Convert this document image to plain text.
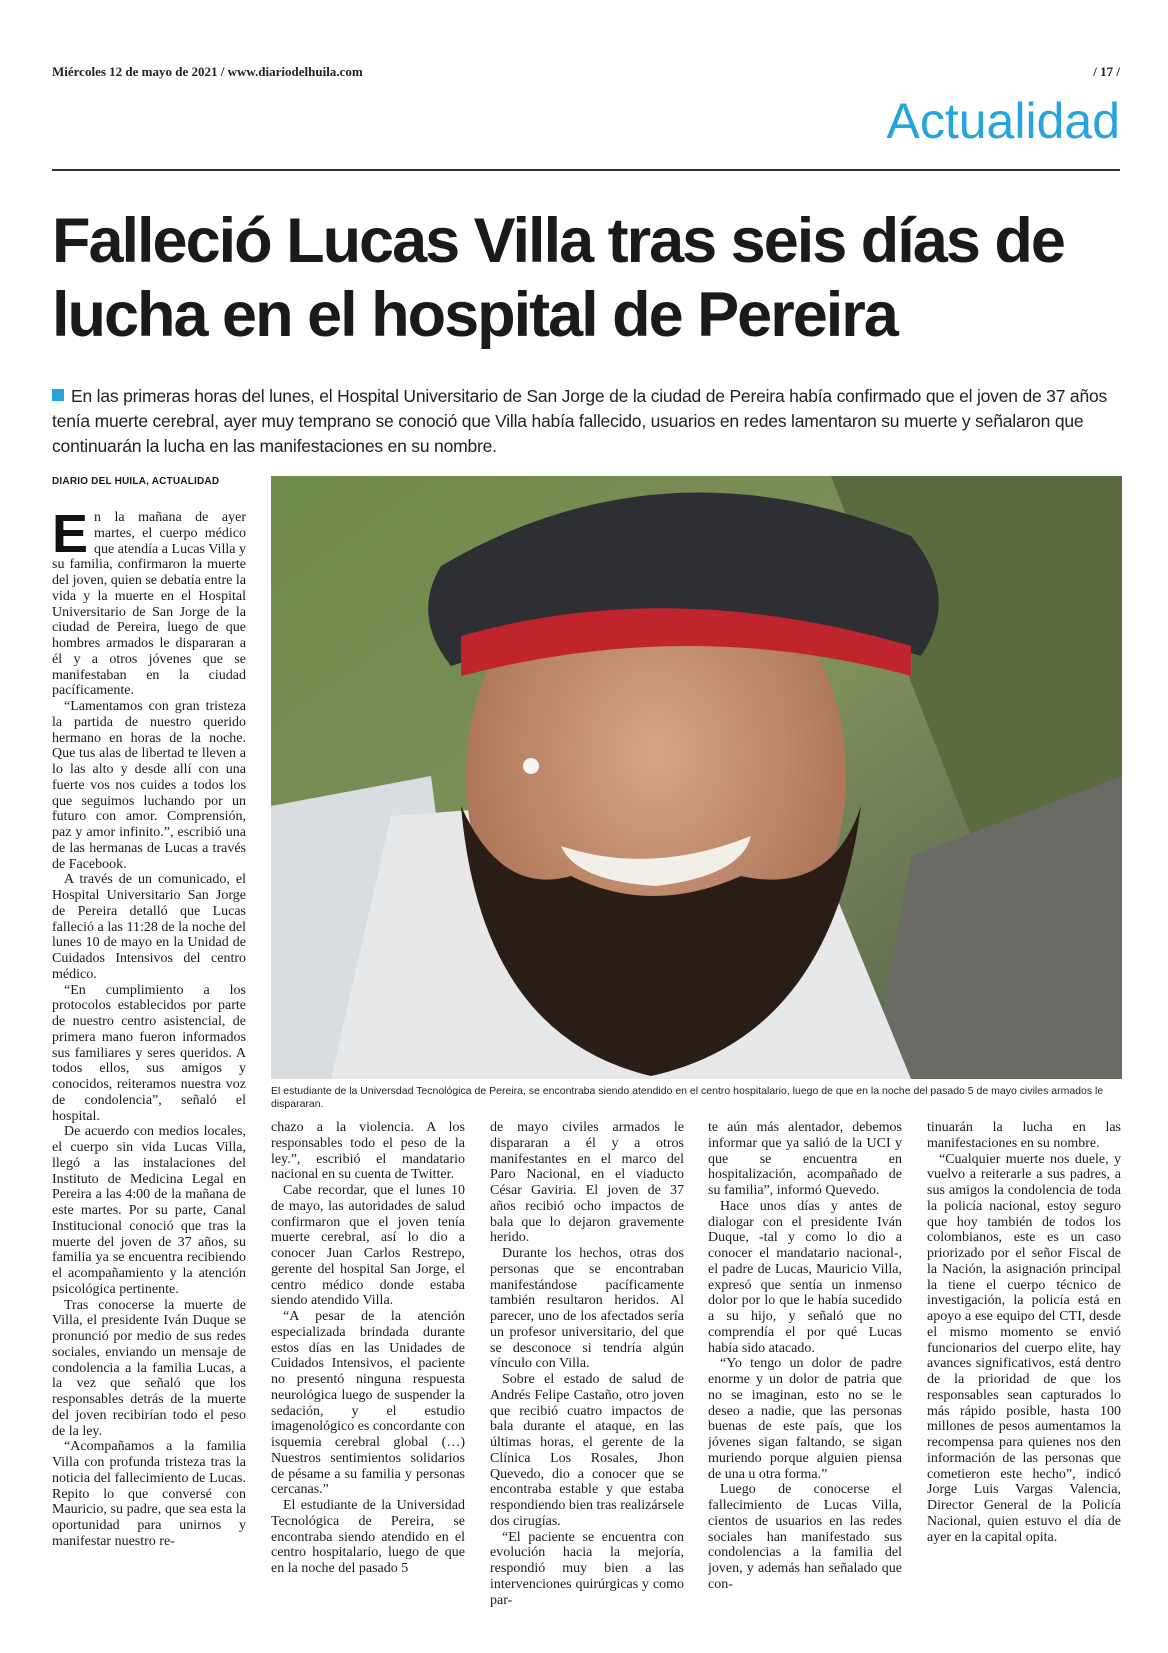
Miércoles 12 de mayo de 2021 / www.diariodelhuila.com	/ 17 /
Actualidad
Falleció Lucas Villa tras seis días de lucha en el hospital de Pereira
En las primeras horas del lunes, el Hospital Universitario de San Jorge de la ciudad de Pereira había confirmado que el joven de 37 años tenía muerte cerebral, ayer muy temprano se conoció que Villa había fallecido, usuarios en redes lamentaron su muerte y señalaron que continuarán la lucha en las manifestaciones en su nombre.
DIARIO DEL HUILA, ACTUALIDAD
El estudiante de la Universdad Tecnológica de Pereira, se encontraba siendo atendido en el centro hospitalario, luego de que en la noche del pasado 5 de mayo civiles armados le dispararan.
E n la mañana de ayer martes, el cuerpo médico que atendía a Lucas Villa y su familia, confirmaron la muerte del joven, quien se debatía entre la vida y la muerte en el Hospital Universitario de San Jorge de la ciudad de Pereira, luego de que hombres armados le dispararan a él y a otros jóvenes que se manifestaban en la ciudad pacíficamente.

“Lamentamos con gran tristeza la partida de nuestro querido hermano en horas de la noche. Que tus alas de libertad te lleven a lo las alto y desde allí con una fuerte vos nos cuides a todos los que seguimos luchando por un futuro con amor. Comprensión, paz y amor infinito.”, escribió una de las hermanas de Lucas a través de Facebook.

A través de un comunicado, el Hospital Universitario San Jorge de Pereira detalló que Lucas falleció a las 11:28 de la noche del lunes 10 de mayo en la Unidad de Cuidados Intensivos del centro médico.

“En cumplimiento a los protocolos establecidos por parte de nuestro centro asistencial, de primera mano fueron informados sus familiares y seres queridos. A todos ellos, sus amigos y conocidos, reiteramos nuestra voz de condolencia”, señaló el hospital.

De acuerdo con medios locales, el cuerpo sin vida Lucas Villa, llegó a las instalaciones del Instituto de Medicina Legal en Pereira a las 4:00 de la mañana de este martes. Por su parte, Canal Institucional conoció que tras la muerte del joven de 37 años, su familia ya se encuentra recibiendo el acompañamiento y la atención psicológica pertinente.

Tras conocerse la muerte de Villa, el presidente Iván Duque se pronunció por medio de sus redes sociales, enviando un mensaje de condolencia a la familia Lucas, a la vez que señaló que los responsables detrás de la muerte del joven recibirían todo el peso de la ley.

“Acompañamos a la familia Villa con profunda tristeza tras la noticia del fallecimiento de Lucas. Repito lo que conversé con Mauricio, su padre, que sea esta la oportunidad para unirnos y manifestar nuestro re-

chazo a la violencia. A los responsables todo el peso de la ley.”, escribió el mandatario nacional en su cuenta de Twitter.

Cabe recordar, que el lunes 10 de mayo, las autoridades de salud confirmaron que el joven tenía muerte cerebral, así lo dio a conocer Juan Carlos Restrepo, gerente del hospital San Jorge, el centro médico donde estaba siendo atendido Villa.

“A pesar de la atención especializada brindada durante estos días en las Unidades de Cuidados Intensivos, el paciente no presentó ninguna respuesta neurológica luego de suspender la sedación, y el estudio imagenológico es concordante con isquemia cerebral global (…) Nuestros sentimientos solidarios de pésame a su familia y personas cercanas.”

El estudiante de la Universidad Tecnológica de Pereira, se encontraba siendo atendido en el centro hospitalario, luego de que en la noche del pasado 5

de mayo civiles armados le dispararan a él y a otros manifestantes en el marco del Paro Nacional, en el viaducto César Gaviria. El joven de 37 años recibió ocho impactos de bala que lo dejaron gravemente herido.

Durante los hechos, otras dos personas que se encontraban manifestándose pacíficamente también resultaron heridos. Al parecer, uno de los afectados sería un profesor universitario, del que se desconoce si tendría algún vínculo con Villa.

Sobre el estado de salud de Andrés Felipe Castaño, otro joven que recibió cuatro impactos de bala durante el ataque, en las últimas horas, el gerente de la Clínica Los Rosales, Jhon Quevedo, dio a conocer que se encontraba estable y que estaba respondiendo bien tras realizársele dos cirugías.

“El paciente se encuentra con evolución hacia la mejoría, respondió muy bien a las intervenciones quirúrgicas y como par-

te aún más alentador, debemos informar que ya salió de la UCI y que se encuentra en hospitalización, acompañado de su familia”, informó Quevedo.

Hace unos días y antes de dialogar con el presidente Iván Duque, -tal y como lo dio a conocer el mandatario nacional-, el padre de Lucas, Mauricio Villa, expresó que sentía un inmenso dolor por lo que le había sucedido a su hijo, y señaló que no comprendía el por qué Lucas había sido atacado.

“Yo tengo un dolor de padre enorme y un dolor de patria que no se imaginan, esto no se le deseo a nadie, que las personas buenas de este país, que los jóvenes sigan faltando, se sigan muriendo porque alguien piensa de una u otra forma.”

Luego de conocerse el fallecimiento de Lucas Villa, cientos de usuarios en las redes sociales han manifestado sus condolencias a la familia del joven, y además han señalado que con-

tinuarán la lucha en las manifestaciones en su nombre.

“Cualquier muerte nos duele, y vuelvo a reiterarle a sus padres, a sus amigos la condolencia de toda la policía nacional, estoy seguro que hoy también de todos los colombianos, este es un caso priorizado por el señor Fiscal de la Nación, la asignación principal la tiene el cuerpo técnico de investigación, la policía está en apoyo a ese equipo del CTI, desde el mismo momento se envió funcionarios del cuerpo elite, hay avances significativos, está dentro de la prioridad de que los responsables sean capturados lo más rápido posible, hasta 100 millones de pesos aumentamos la recompensa para quienes nos den información de las personas que cometieron este hecho”, indicó Jorge Luis Vargas Valencia, Director General de la Policía Nacional, quien estuvo el día de ayer en la capital opita.
